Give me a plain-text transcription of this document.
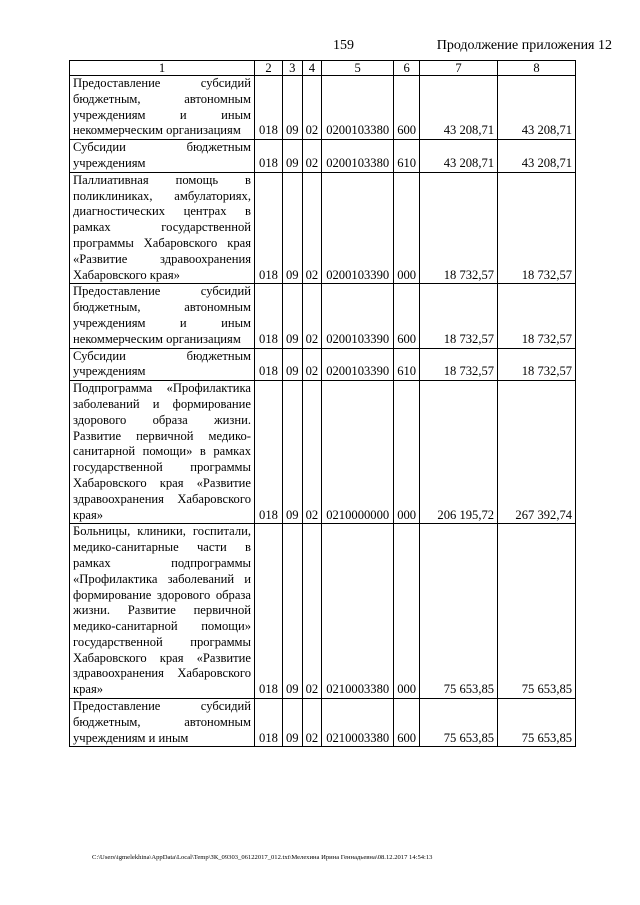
159	Продолжение приложения 12
1	2	3	4	5	6	7	8
Предоставление субсидий бюджетным, автономным учреждениям и иным некоммерческим организациям	018	09	02	0200103380	600	43 208,71	43 208,71
Субсидии бюджетным учреждениям	018	09	02	0200103380	610	43 208,71	43 208,71
Паллиативная помощь в поликлиниках, амбулаториях, диагностических центрах в рамках государственной программы Хабаровского края «Развитие здравоохранения Хабаровского края»	018	09	02	0200103390	000	18 732,57	18 732,57
Предоставление субсидий бюджетным, автономным учреждениям и иным некоммерческим организациям	018	09	02	0200103390	600	18 732,57	18 732,57
Субсидии бюджетным учреждениям	018	09	02	0200103390	610	18 732,57	18 732,57
Подпрограмма «Профилактика заболеваний и формирование здорового образа жизни. Развитие первичной медико-санитарной помощи» в рамках государственной программы Хабаровского края «Развитие здравоохранения Хабаровского края»	018	09	02	0210000000	000	206 195,72	267 392,74
Больницы, клиники, госпитали, медико-санитарные части в рамках подпрограммы «Профилактика заболеваний и формирование здорового образа жизни. Развитие первичной медико-санитарной помощи» государственной программы Хабаровского края «Развитие здравоохранения Хабаровского края»	018	09	02	0210003380	000	75 653,85	75 653,85
Предоставление субсидий бюджетным, автономным учреждениям и иным	018	09	02	0210003380	600	75 653,85	75 653,85
C:\Users\igmelekhina\AppData\Local\Temp\ЗК_09303_06122017_012.txt\Мелехина Ирина Геннадьевна\08.12.2017 14:54:13
